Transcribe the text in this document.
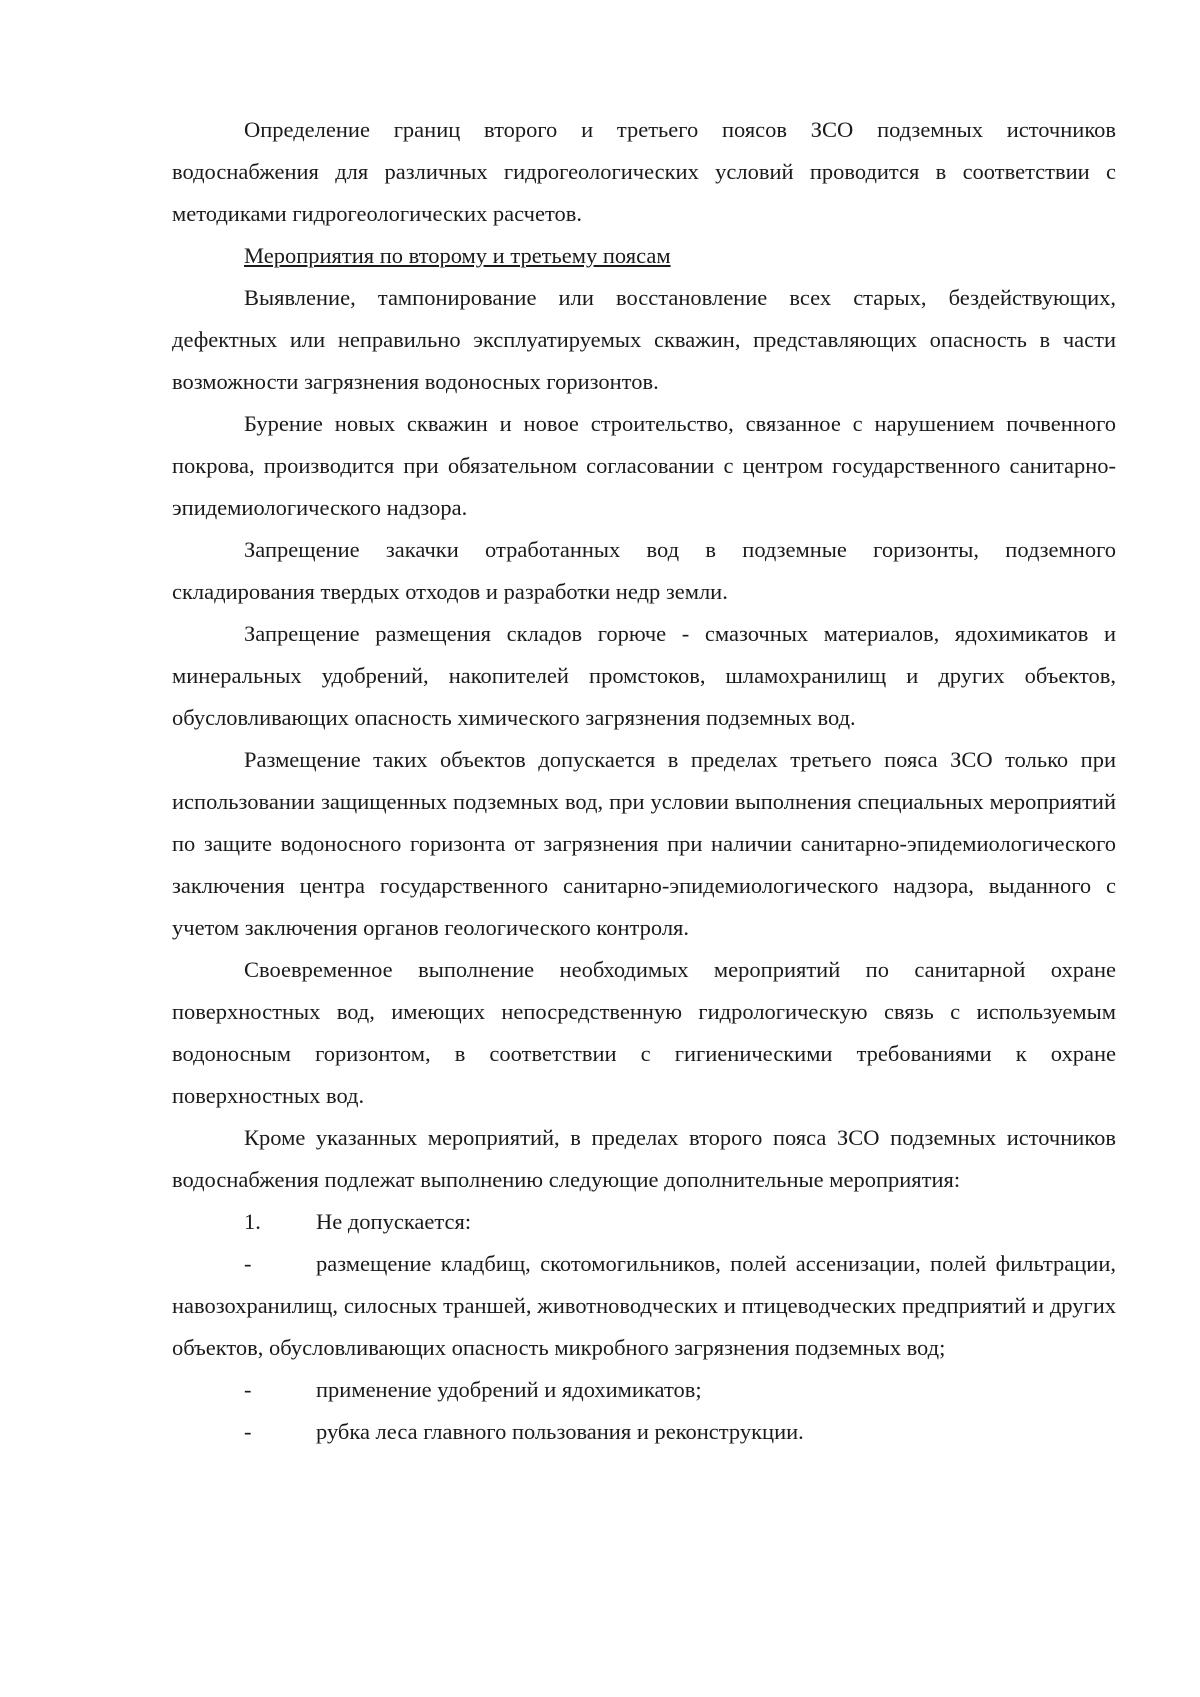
Определение границ второго и третьего поясов ЗСО подземных источников водоснабжения для различных гидрогеологических условий проводится в соответствии с методиками гидрогеологических расчетов.

Мероприятия по второму и третьему поясам

Выявление, тампонирование или восстановление всех старых, бездействующих, дефектных или неправильно эксплуатируемых скважин, представляющих опасность в части возможности загрязнения водоносных горизонтов.

Бурение новых скважин и новое строительство, связанное с нарушением почвенного покрова, производится при обязательном согласовании с центром государственного санитарно-эпидемиологического надзора.

Запрещение закачки отработанных вод в подземные горизонты, подземного складирования твердых отходов и разработки недр земли.

Запрещение размещения складов горюче - смазочных материалов, ядохимикатов и минеральных удобрений, накопителей промстоков, шламохранилищ и других объектов, обусловливающих опасность химического загрязнения подземных вод.

Размещение таких объектов допускается в пределах третьего пояса ЗСО только при использовании защищенных подземных вод, при условии выполнения специальных мероприятий по защите водоносного горизонта от загрязнения при наличии санитарно-эпидемиологического заключения центра государственного санитарно-эпидемиологического надзора, выданного с учетом заключения органов геологического контроля.

Своевременное выполнение необходимых мероприятий по санитарной охране поверхностных вод, имеющих непосредственную гидрологическую связь с используемым водоносным горизонтом, в соответствии с гигиеническими требованиями к охране поверхностных вод.

Кроме указанных мероприятий, в пределах второго пояса ЗСО подземных источников водоснабжения подлежат выполнению следующие дополнительные мероприятия:

1. Не допускается:

-	размещение кладбищ, скотомогильников, полей ассенизации, полей фильтрации, навозохранилищ, силосных траншей, животноводческих и птицеводческих предприятий и других объектов, обусловливающих опасность микробного загрязнения подземных вод;

-	применение удобрений и ядохимикатов;

-	рубка леса главного пользования и реконструкции.
